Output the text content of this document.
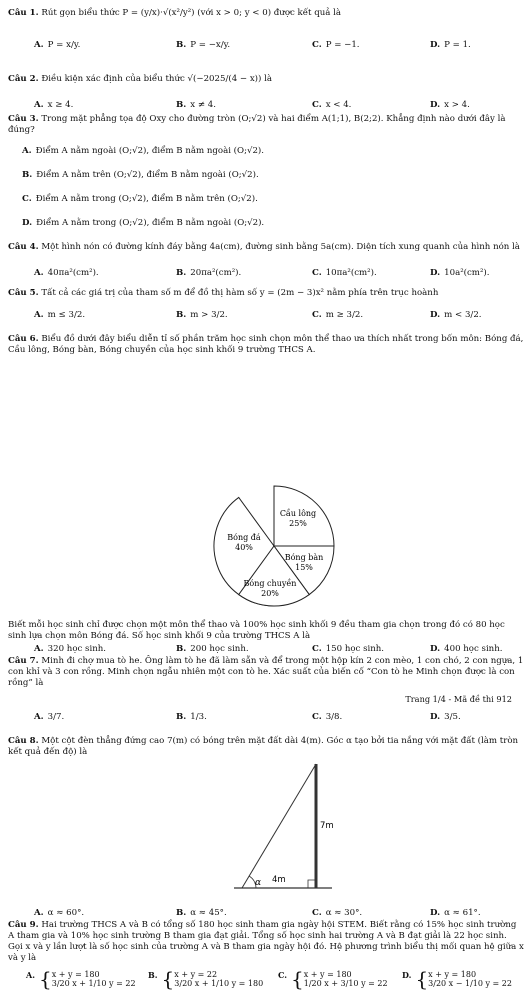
Câu 1. Rút gọn biểu thức P = (y/x)·√(x²/y²) (với x > 0; y < 0) được kết quả là
A. P = x/y.	B. P = −x/y.	C. P = −1.	D. P = 1.
Câu 2. Điều kiện xác định của biểu thức √(−2025/(4 − x)) là
A. x ≥ 4.	B. x ≠ 4.	C. x < 4.	D. x > 4.
Câu 3. Trong mặt phẳng tọa độ Oxy cho đường tròn (O;√2) và hai điểm A(1;1), B(2;2). Khẳng định nào dưới đây là đúng?
A. Điểm A nằm ngoài (O;√2), điểm B nằm ngoài (O;√2).
B. Điểm A nằm trên (O;√2), điểm B nằm ngoài (O;√2).
C. Điểm A nằm trong (O;√2), điểm B nằm trên (O;√2).
D. Điểm A nằm trong (O;√2), điểm B nằm ngoài (O;√2).
Câu 4. Một hình nón có đường kính đáy bằng 4a(cm), đường sinh bằng 5a(cm). Diện tích xung quanh của hình nón là
A. 40πa²(cm²).	B. 20πa²(cm²).	C. 10πa²(cm²).	D. 10a²(cm²).
Câu 5. Tất cả các giá trị của tham số m để đồ thị hàm số y = (2m − 3)x² nằm phía trên trục hoành
A. m ≤ 3/2.	B. m > 3/2.	C. m ≥ 3/2.	D. m < 3/2.
Câu 6. Biểu đồ dưới đây biểu diễn tỉ số phần trăm học sinh chọn môn thể thao ưa thích nhất trong bốn môn: Bóng đá, Cầu lông, Bóng bàn, Bóng chuyền của học sinh khối 9 trường THCS A.
Bóng đá
40%
Cầu lông
25%
Bóng bàn
15%
Bóng chuyền
20%
Biết mỗi học sinh chỉ được chọn một môn thể thao và 100% học sinh khối 9 đều tham gia chọn trong đó có 80 học sinh lựa chọn môn Bóng đá. Số học sinh khối 9 của trường THCS A là
A. 320 học sinh.	B. 200 học sinh.	C. 150 học sinh.	D. 400 học sinh.
Câu 7. Minh đi chợ mua tò he. Ông làm tò he đã làm sẵn và để trong một hộp kín 2 con mèo, 1 con chó, 2 con ngựa, 1 con khỉ và 3 con rồng. Minh chọn ngẫu nhiên một con tò he. Xác suất của biến cố “Con tò he Minh chọn được là con rồng” là
Trang 1/4 - Mã đề thi 912
A. 3/7.	B. 1/3.	C. 3/8.	D. 3/5.
Câu 8. Một cột đèn thẳng đứng cao 7(m) có bóng trên mặt đất dài 4(m). Góc α tạo bởi tia nắng với mặt đất (làm tròn kết quả đến độ) là
α
7m
4m
A. α ≈ 60°.	B. α ≈ 45°.	C. α ≈ 30°.	D. α ≈ 61°.
Câu 9. Hai trường THCS A và B có tổng số 180 học sinh tham gia ngày hội STEM. Biết rằng có 15% học sinh trường A tham gia và 10% học sinh trường B tham gia đạt giải. Tổng số học sinh hai trường A và B đạt giải là 22 học sinh. Gọi x và y lần lượt là số học sinh của trường A và B tham gia ngày hội đó. Hệ phương trình biểu thị mối quan hệ giữa x và y là
A. {x + y = 180
3/20 x + 1/10 y = 22
B. {x + y = 22
3/20 x + 1/10 y = 180
C. {x + y = 180
1/20 x + 3/10 y = 22
D. {x + y = 180
3/20 x − 1/10 y = 22
